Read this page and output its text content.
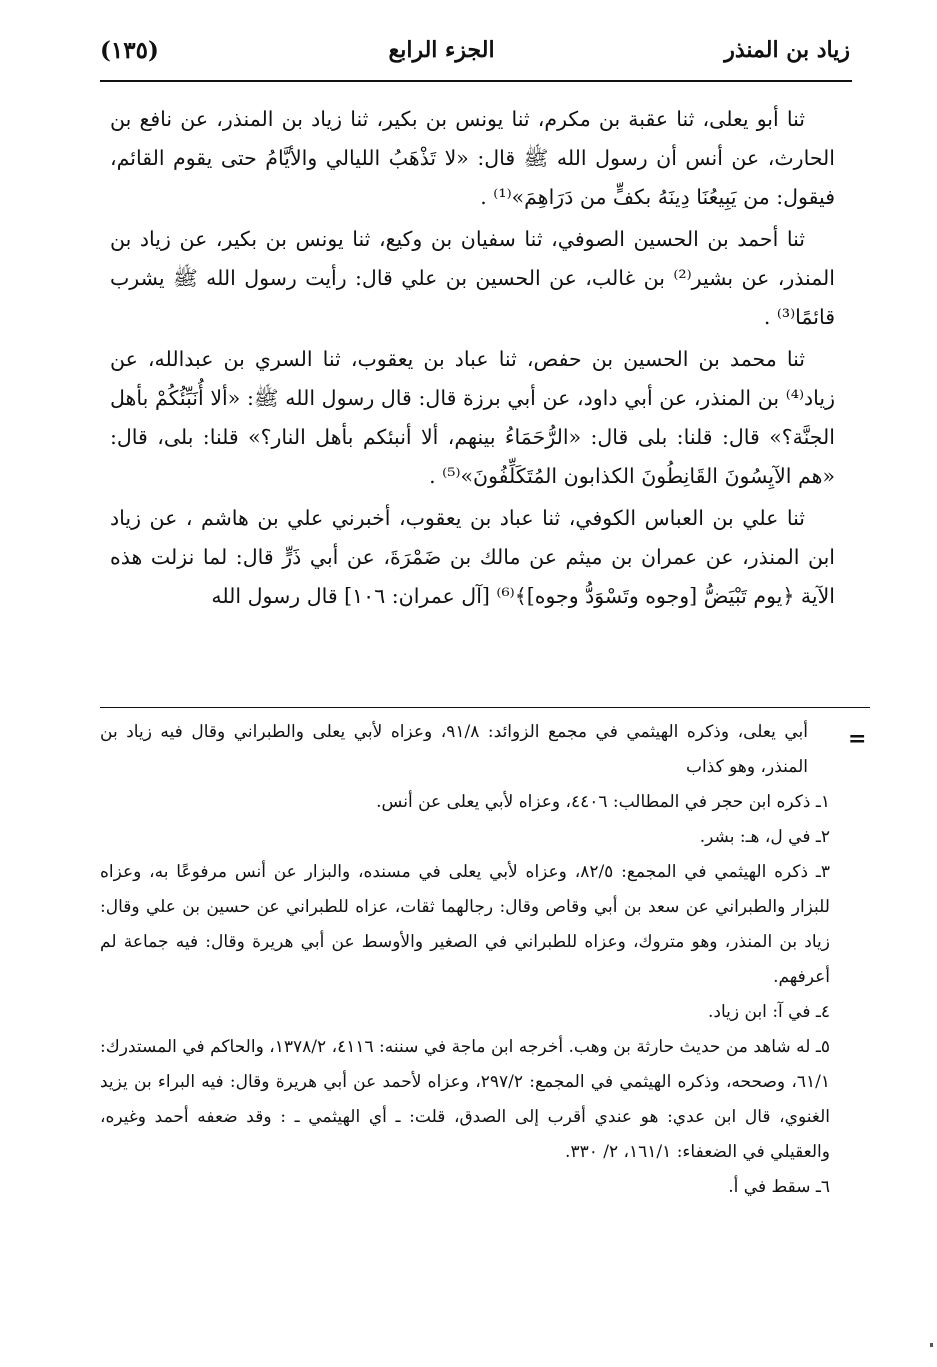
زياد بن المنذر
الجزء الرابع
(١٣٥)

ثنا أبو يعلى، ثنا عقبة بن مكرم، ثنا يونس بن بكير، ثنا زياد بن المنذر، عن نافع بن الحارث، عن أنس أن رسول الله ﷺ قال: «لا تَذْهَبُ الليالي والأيَّامُ حتى يقوم القائم، فيقول: من يَبِيعُنَا دِينَهُ بكفٍّ من دَرَاهِمَ»⁽¹⁾ .

ثنا أحمد بن الحسين الصوفي، ثنا سفيان بن وكيع، ثنا يونس بن بكير، عن زياد بن المنذر، عن بشير⁽²⁾ بن غالب، عن الحسين بن علي قال: رأيت رسول الله ﷺ يشرب قائمًا⁽³⁾ .

ثنا محمد بن الحسين بن حفص، ثنا عباد بن يعقوب، ثنا السري بن عبدالله، عن زياد⁽⁴⁾ بن المنذر، عن أبي داود، عن أبي برزة قال: قال رسول الله ﷺ: «ألا أُنَبِّئُكُمْ بأهل الجنَّة؟» قال: قلنا: بلى قال: «الرُّحَمَاءُ بينهم، ألا أنبئكم بأهل النار؟» قلنا: بلى، قال: «هم الآيِسُونَ القَانِطُونَ الكذابون المُتَكَلِّفُونَ»⁽⁵⁾ .

ثنا علي بن العباس الكوفي، ثنا عباد بن يعقوب، أخبرني علي بن هاشم ، عن زياد ابن المنذر، عن عمران بن ميثم عن مالك بن ضَمْرَةَ، عن أبي ذَرٍّ قال: لما نزلت هذه الآية ﴿يوم تَبْيَضُّ [وجوه وتَسْوَدُّ وجوه]﴾⁽⁶⁾ [آل عمران: ١٠٦] قال رسول الله

=

أبي يعلى، وذكره الهيثمي في مجمع الزوائد: ٩١/٨، وعزاه لأبي يعلى والطبراني وقال فيه زياد بن المنذر، وهو كذاب

١ـ ذكره ابن حجر في المطالب: ٤٤٠٦، وعزاه لأبي يعلى عن أنس.

٢ـ في ل، هـ: بشر.

٣ـ ذكره الهيثمي في المجمع: ٨٢/٥، وعزاه لأبي يعلى في مسنده، والبزار عن أنس مرفوعًا به، وعزاه للبزار والطبراني عن سعد بن أبي وقاص وقال: رجالهما ثقات، عزاه للطبراني عن حسين بن علي وقال: زياد بن المنذر، وهو متروك، وعزاه للطبراني في الصغير والأوسط عن أبي هريرة وقال: فيه جماعة لم أعرفهم.

٤ـ في آ: ابن زياد.

٥ـ له شاهد من حديث حارثة بن وهب. أخرجه ابن ماجة في سننه: ٤١١٦، ١٣٧٨/٢، والحاكم في المستدرك: ٦١/١، وصححه، وذكره الهيثمي في المجمع: ٢٩٧/٢، وعزاه لأحمد عن أبي هريرة وقال: فيه البراء بن يزيد الغنوي، قال ابن عدي: هو عندي أقرب إلى الصدق، قلت: ـ أي الهيثمي ـ : وقد ضعفه أحمد وغيره، والعقيلي في الضعفاء: ١٦١/١، ٢/ ٣٣٠.

٦ـ سقط في أ.
